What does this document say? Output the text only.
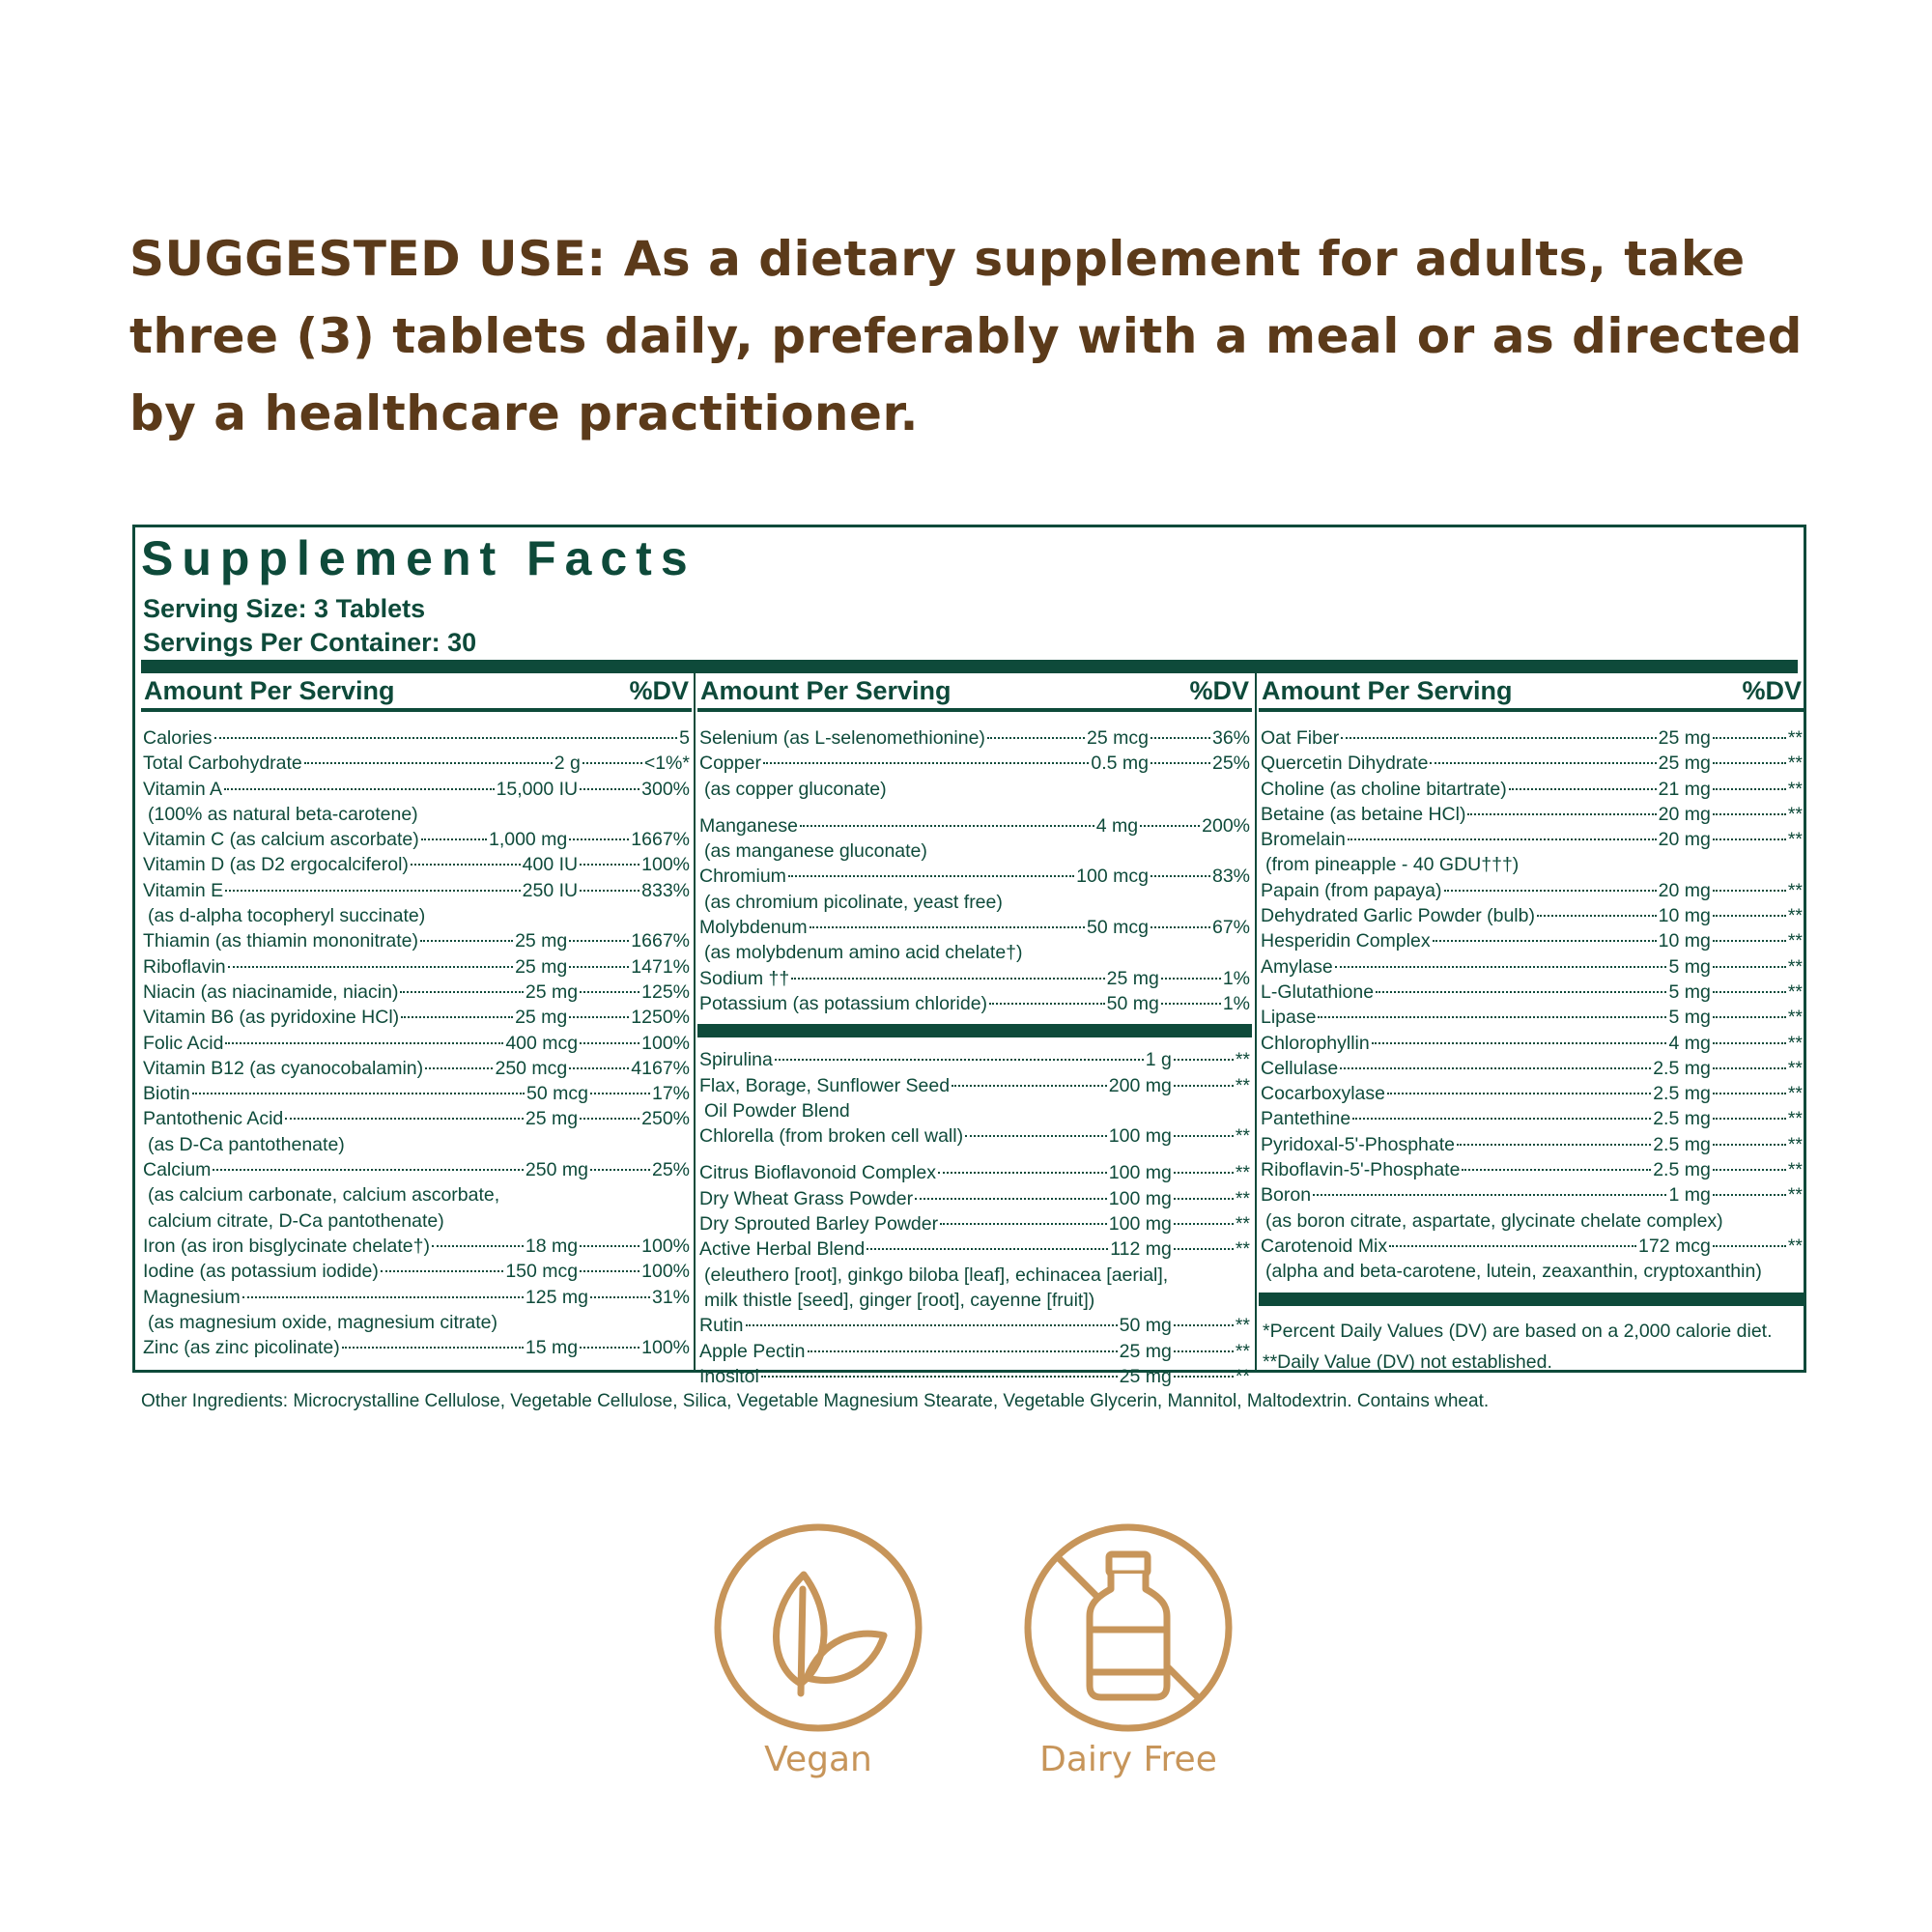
SUGGESTED USE: As a dietary supplement for adults, take three (3) tablets daily, preferably with a meal or as directed by a healthcare practitioner.

Supplement Facts
Serving Size: 3 Tablets
Servings Per Container: 30
Amount Per Serving	%DV
Calories	5
Total Carbohydrate	2 g	<1%*
Vitamin A	15,000 IU	300%
(100% as natural beta-carotene)
Vitamin C (as calcium ascorbate)	1,000 mg	1667%
Vitamin D (as D2 ergocalciferol)	400 IU	100%
Vitamin E	250 IU	833%
(as d-alpha tocopheryl succinate)
Thiamin (as thiamin mononitrate)	25 mg	1667%
Riboflavin	25 mg	1471%
Niacin (as niacinamide, niacin)	25 mg	125%
Vitamin B6 (as pyridoxine HCl)	25 mg	1250%
Folic Acid	400 mcg	100%
Vitamin B12 (as cyanocobalamin)	250 mcg	4167%
Biotin	50 mcg	17%
Pantothenic Acid	25 mg	250%
(as D-Ca pantothenate)
Calcium	250 mg	25%
(as calcium carbonate, calcium ascorbate,
calcium citrate, D-Ca pantothenate)
Iron (as iron bisglycinate chelate†)	18 mg	100%
Iodine (as potassium iodide)	150 mcg	100%
Magnesium	125 mg	31%
(as magnesium oxide, magnesium citrate)
Zinc (as zinc picolinate)	15 mg	100%
Amount Per Serving	%DV
Selenium (as L-selenomethionine)	25 mcg	36%
Copper	0.5 mg	25%
(as copper gluconate)
Manganese	4 mg	200%
(as manganese gluconate)
Chromium	100 mcg	83%
(as chromium picolinate, yeast free)
Molybdenum	50 mcg	67%
(as molybdenum amino acid chelate†)
Sodium ††	25 mg	1%
Potassium (as potassium chloride)	50 mg	1%
Spirulina	1 g	**
Flax, Borage, Sunflower Seed	200 mg	**
Oil Powder Blend
Chlorella (from broken cell wall)	100 mg	**
Citrus Bioflavonoid Complex	100 mg	**
Dry Wheat Grass Powder	100 mg	**
Dry Sprouted Barley Powder	100 mg	**
Active Herbal Blend	112 mg	**
(eleuthero [root], ginkgo biloba [leaf], echinacea [aerial],
milk thistle [seed], ginger [root], cayenne [fruit])
Rutin	50 mg	**
Apple Pectin	25 mg	**
Inositol	25 mg	**
Amount Per Serving	%DV
Oat Fiber	25 mg	**
Quercetin Dihydrate	25 mg	**
Choline (as choline bitartrate)	21 mg	**
Betaine (as betaine HCl)	20 mg	**
Bromelain	20 mg	**
(from pineapple - 40 GDU†††)
Papain (from papaya)	20 mg	**
Dehydrated Garlic Powder (bulb)	10 mg	**
Hesperidin Complex	10 mg	**
Amylase	5 mg	**
L-Glutathione	5 mg	**
Lipase	5 mg	**
Chlorophyllin	4 mg	**
Cellulase	2.5 mg	**
Cocarboxylase	2.5 mg	**
Pantethine	2.5 mg	**
Pyridoxal-5'-Phosphate	2.5 mg	**
Riboflavin-5'-Phosphate	2.5 mg	**
Boron	1 mg	**
(as boron citrate, aspartate, glycinate chelate complex)
Carotenoid Mix	172 mcg	**
(alpha and beta-carotene, lutein, zeaxanthin, cryptoxanthin)
*Percent Daily Values (DV) are based on a 2,000 calorie diet.
**Daily Value (DV) not established.

Other Ingredients: Microcrystalline Cellulose, Vegetable Cellulose, Silica, Vegetable Magnesium Stearate, Vegetable Glycerin, Mannitol, Maltodextrin. Contains wheat.

Vegan	Dairy Free
